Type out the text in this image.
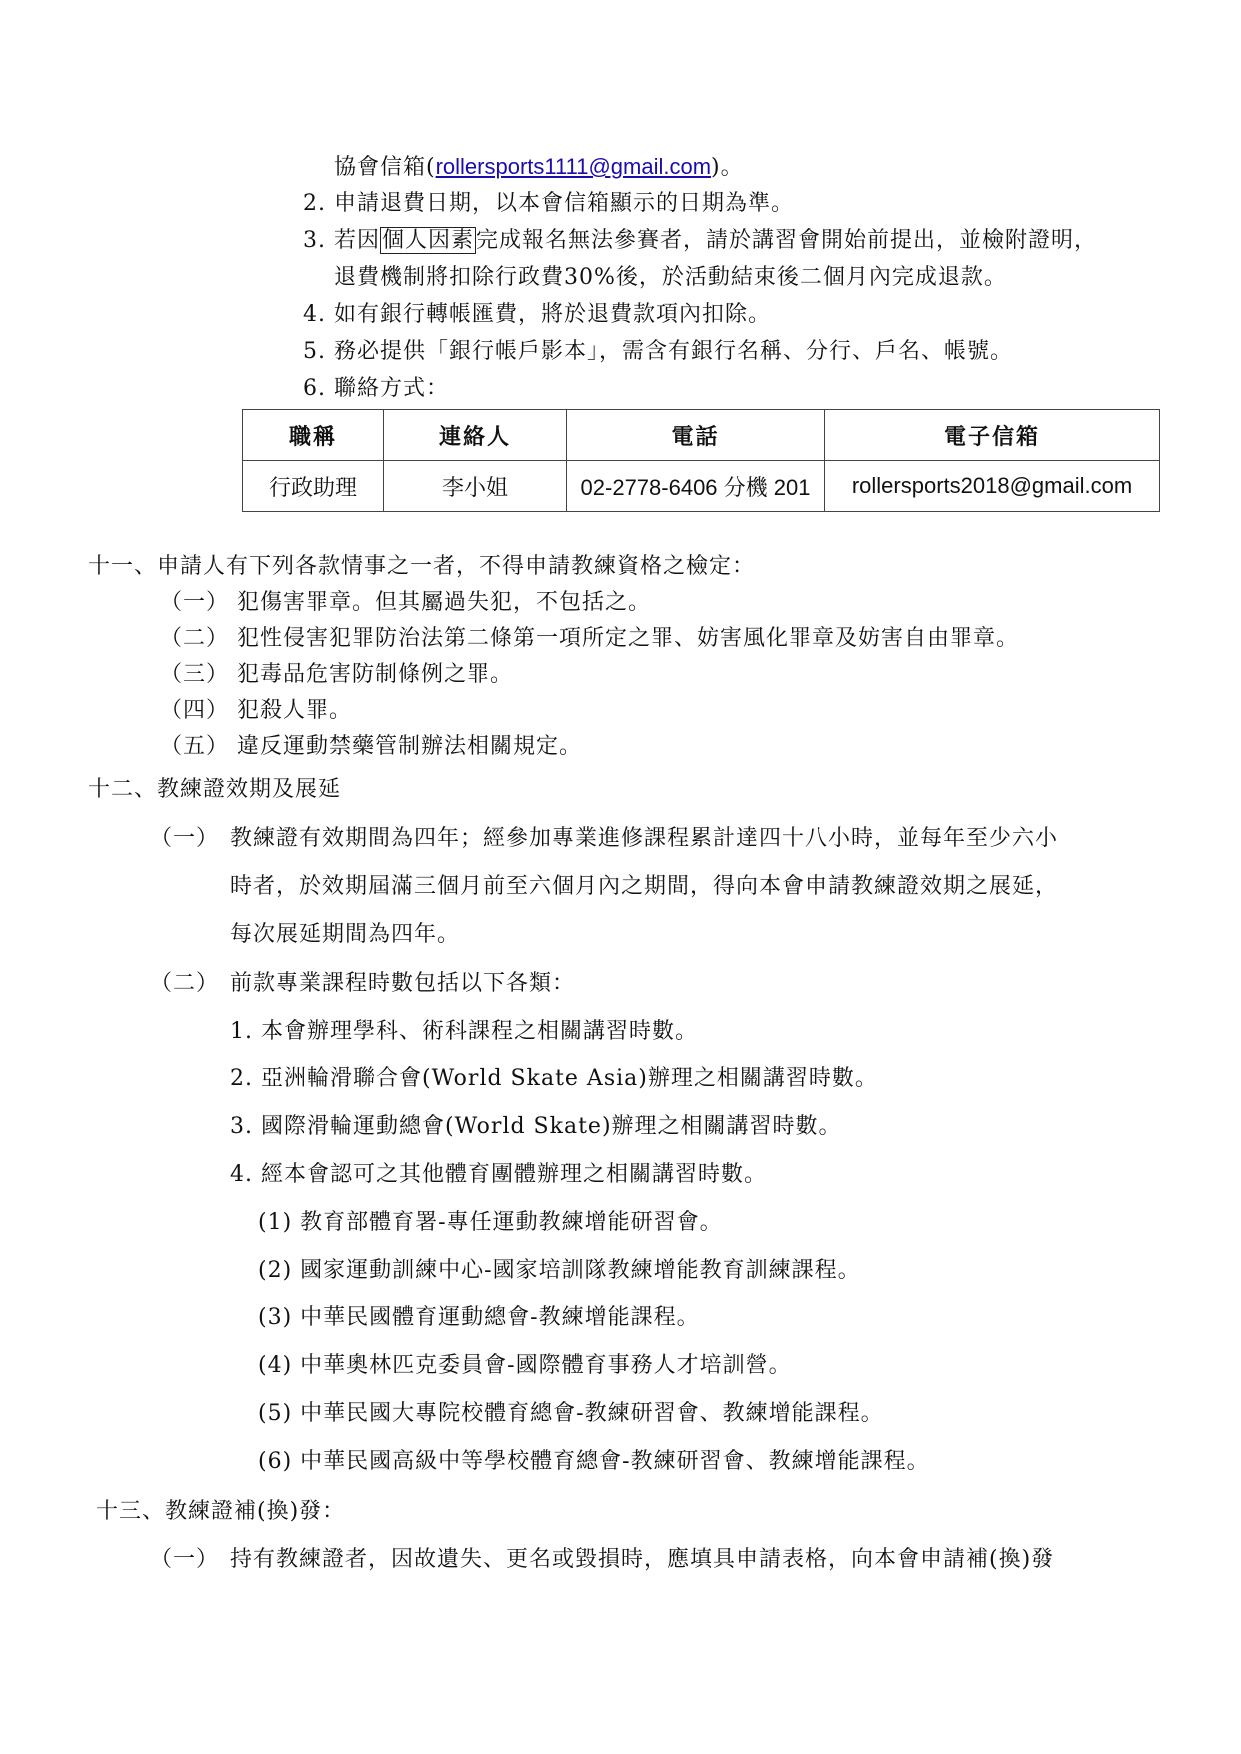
協會信箱(rollersports1111@gmail.com)。
2. 申請退費日期，以本會信箱顯示的日期為準。
3. 若因個人因素完成報名無法參賽者，請於講習會開始前提出，並檢附證明，
退費機制將扣除行政費30%後，於活動結束後二個月內完成退款。
4. 如有銀行轉帳匯費，將於退費款項內扣除。
5. 務必提供「銀行帳戶影本」，需含有銀行名稱、分行、戶名、帳號。
6. 聯絡方式：
職稱	連絡人	電話	電子信箱
行政助理	李小姐	02-2778-6406 分機 201	rollersports2018@gmail.com
十一、申請人有下列各款情事之一者，不得申請教練資格之檢定：
（一） 犯傷害罪章。但其屬過失犯，不包括之。
（二） 犯性侵害犯罪防治法第二條第一項所定之罪、妨害風化罪章及妨害自由罪章。
（三） 犯毒品危害防制條例之罪。
（四） 犯殺人罪。
（五） 違反運動禁藥管制辦法相關規定。
十二、教練證效期及展延
（一） 教練證有效期間為四年；經參加專業進修課程累計達四十八小時，並每年至少六小
時者，於效期屆滿三個月前至六個月內之期間，得向本會申請教練證效期之展延，
每次展延期間為四年。
（二） 前款專業課程時數包括以下各類：
1. 本會辦理學科、術科課程之相關講習時數。
2. 亞洲輪滑聯合會(World Skate Asia)辦理之相關講習時數。
3. 國際滑輪運動總會(World Skate)辦理之相關講習時數。
4. 經本會認可之其他體育團體辦理之相關講習時數。
(1) 教育部體育署-專任運動教練增能研習會。
(2) 國家運動訓練中心-國家培訓隊教練增能教育訓練課程。
(3) 中華民國體育運動總會-教練增能課程。
(4) 中華奧林匹克委員會-國際體育事務人才培訓營。
(5) 中華民國大專院校體育總會-教練研習會、教練增能課程。
(6) 中華民國高級中等學校體育總會-教練研習會、教練增能課程。
十三、教練證補(換)發：
（一） 持有教練證者，因故遺失、更名或毀損時，應填具申請表格，向本會申請補(換)發
